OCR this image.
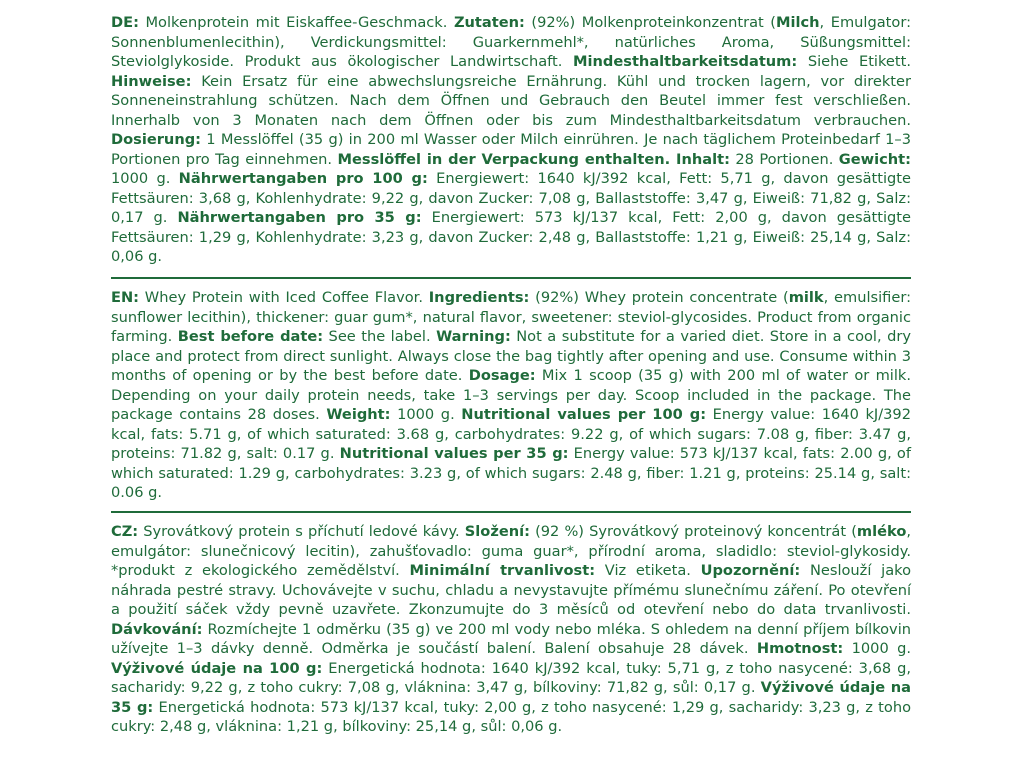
DE: Molkenprotein mit Eiskaffee-Geschmack. Zutaten: (92%) Molkenproteinkonzentrat (Milch, Emulgator: Sonnenblumenlecithin), Verdickungsmittel: Guarkernmehl*, natürliches Aroma, Süßungsmittel: Steviolglykoside. Produkt aus ökologischer Landwirtschaft. Mindesthaltbarkeitsdatum: Siehe Etikett. Hinweise: Kein Ersatz für eine abwechslungsreiche Ernährung. Kühl und trocken lagern, vor direkter Sonneneinstrahlung schützen. Nach dem Öffnen und Gebrauch den Beutel immer fest verschließen. Innerhalb von 3 Monaten nach dem Öffnen oder bis zum Mindesthaltbarkeitsdatum verbrauchen. Dosierung: 1 Messlöffel (35 g) in 200 ml Wasser oder Milch einrühren. Je nach täglichem Proteinbedarf 1–3 Portionen pro Tag einnehmen. Messlöffel in der Verpackung enthalten. Inhalt: 28 Portionen. Gewicht: 1000 g. Nährwertangaben pro 100 g: Energiewert: 1640 kJ/392 kcal, Fett: 5,71 g, davon gesättigte Fettsäuren: 3,68 g, Kohlenhydrate: 9,22 g, davon Zucker: 7,08 g, Ballaststoffe: 3,47 g, Eiweiß: 71,82 g, Salz: 0,17 g. Nährwertangaben pro 35 g: Energiewert: 573 kJ/137 kcal, Fett: 2,00 g, davon gesättigte Fettsäuren: 1,29 g, Kohlenhydrate: 3,23 g, davon Zucker: 2,48 g, Ballaststoffe: 1,21 g, Eiweiß: 25,14 g, Salz: 0,06 g.

EN: Whey Protein with Iced Coffee Flavor. Ingredients: (92%) Whey protein concentrate (milk, emulsifier: sunflower lecithin), thickener: guar gum*, natural flavor, sweetener: steviol-glycosides. Product from organic farming. Best before date: See the label. Warning: Not a substitute for a varied diet. Store in a cool, dry place and protect from direct sunlight. Always close the bag tightly after opening and use. Consume within 3 months of opening or by the best before date. Dosage: Mix 1 scoop (35 g) with 200 ml of water or milk. Depending on your daily protein needs, take 1–3 servings per day. Scoop included in the package. The package contains 28 doses. Weight: 1000 g. Nutritional values per 100 g: Energy value: 1640 kJ/392 kcal, fats: 5.71 g, of which saturated: 3.68 g, carbohydrates: 9.22 g, of which sugars: 7.08 g, fiber: 3.47 g, proteins: 71.82 g, salt: 0.17 g. Nutritional values per 35 g: Energy value: 573 kJ/137 kcal, fats: 2.00 g, of which saturated: 1.29 g, carbohydrates: 3.23 g, of which sugars: 2.48 g, fiber: 1.21 g, proteins: 25.14 g, salt: 0.06 g.

CZ: Syrovátkový protein s příchutí ledové kávy. Složení: (92 %) Syrovátkový proteinový koncentrát (mléko, emulgátor: slunečnicový lecitin), zahušťovadlo: guma guar*, přírodní aroma, sladidlo: steviol-glykosidy. *produkt z ekologického zemědělství. Minimální trvanlivost: Viz etiketa. Upozornění: Neslouží jako náhrada pestré stravy. Uchovávejte v suchu, chladu a nevystavujte přímému slunečnímu záření. Po otevření a použití sáček vždy pevně uzavřete. Zkonzumujte do 3 měsíců od otevření nebo do data trvanlivosti. Dávkování: Rozmíchejte 1 odměrku (35 g) ve 200 ml vody nebo mléka. S ohledem na denní příjem bílkovin užívejte 1–3 dávky denně. Odměrka je součástí balení. Balení obsahuje 28 dávek. Hmotnost: 1000 g. Výživové údaje na 100 g: Energetická hodnota: 1640 kJ/392 kcal, tuky: 5,71 g, z toho nasycené: 3,68 g, sacharidy: 9,22 g, z toho cukry: 7,08 g, vláknina: 3,47 g, bílkoviny: 71,82 g, sůl: 0,17 g. Výživové údaje na 35 g: Energetická hodnota: 573 kJ/137 kcal, tuky: 2,00 g, z toho nasycené: 1,29 g, sacharidy: 3,23 g, z toho cukry: 2,48 g, vláknina: 1,21 g, bílkoviny: 25,14 g, sůl: 0,06 g.
